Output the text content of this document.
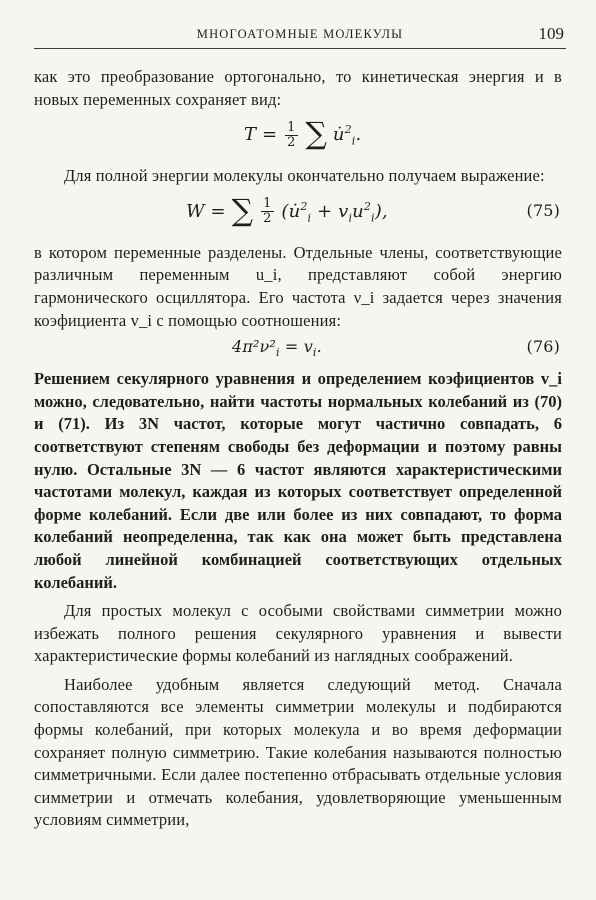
МНОГОАТОМНЫЕ МОЛЕКУЛЫ	109

как это преобразование ортогонально, то кинетическая энергия и в новых переменных сохраняет вид:

$T = \frac{1}{2}$ ∑ u̇$^2_i$.

Для полной энергии молекулы окончательно получаем выражение:

W = ∑ $\frac{1}{2}$ (u̇$^2_i$ + $v_iu^2_i$),	(75)

в котором переменные разделены. Отдельные члены, соответствующие различным переменным u_i, представляют собой энергию гармонического осциллятора. Его частота ν_i задается через значения коэфициента v_i с помощью соотношения:

$4\pi^2\nu^2_i = v_i$.	(76)

Решением секулярного уравнения и определением коэфициентов v_i можно, следовательно, найти частоты нормальных колебаний из (70) и (71). Из 3N частот, которые могут частично совпадать, 6 соответствуют степеням свободы без деформации и поэтому равны нулю. Остальные 3N — 6 частот являются характеристическими частотами молекул, каждая из которых соответствует определенной форме колебаний. Если две или более из них совпадают, то форма колебаний неопределенна, так как она может быть представлена любой линейной комбинацией соответствующих отдельных колебаний.

Для простых молекул с особыми свойствами симметрии можно избежать полного решения секулярного уравнения и вывести характеристические формы колебаний из наглядных соображений.

Наиболее удобным является следующий метод. Сначала сопоставляются все элементы симметрии молекулы и подбираются формы колебаний, при которых молекула и во время деформации сохраняет полную симметрию. Такие колебания называются полностью симметричными. Если далее постепенно отбрасывать отдельные условия симметрии и отмечать колебания, удовлетворяющие уменьшенным условиям симметрии,
